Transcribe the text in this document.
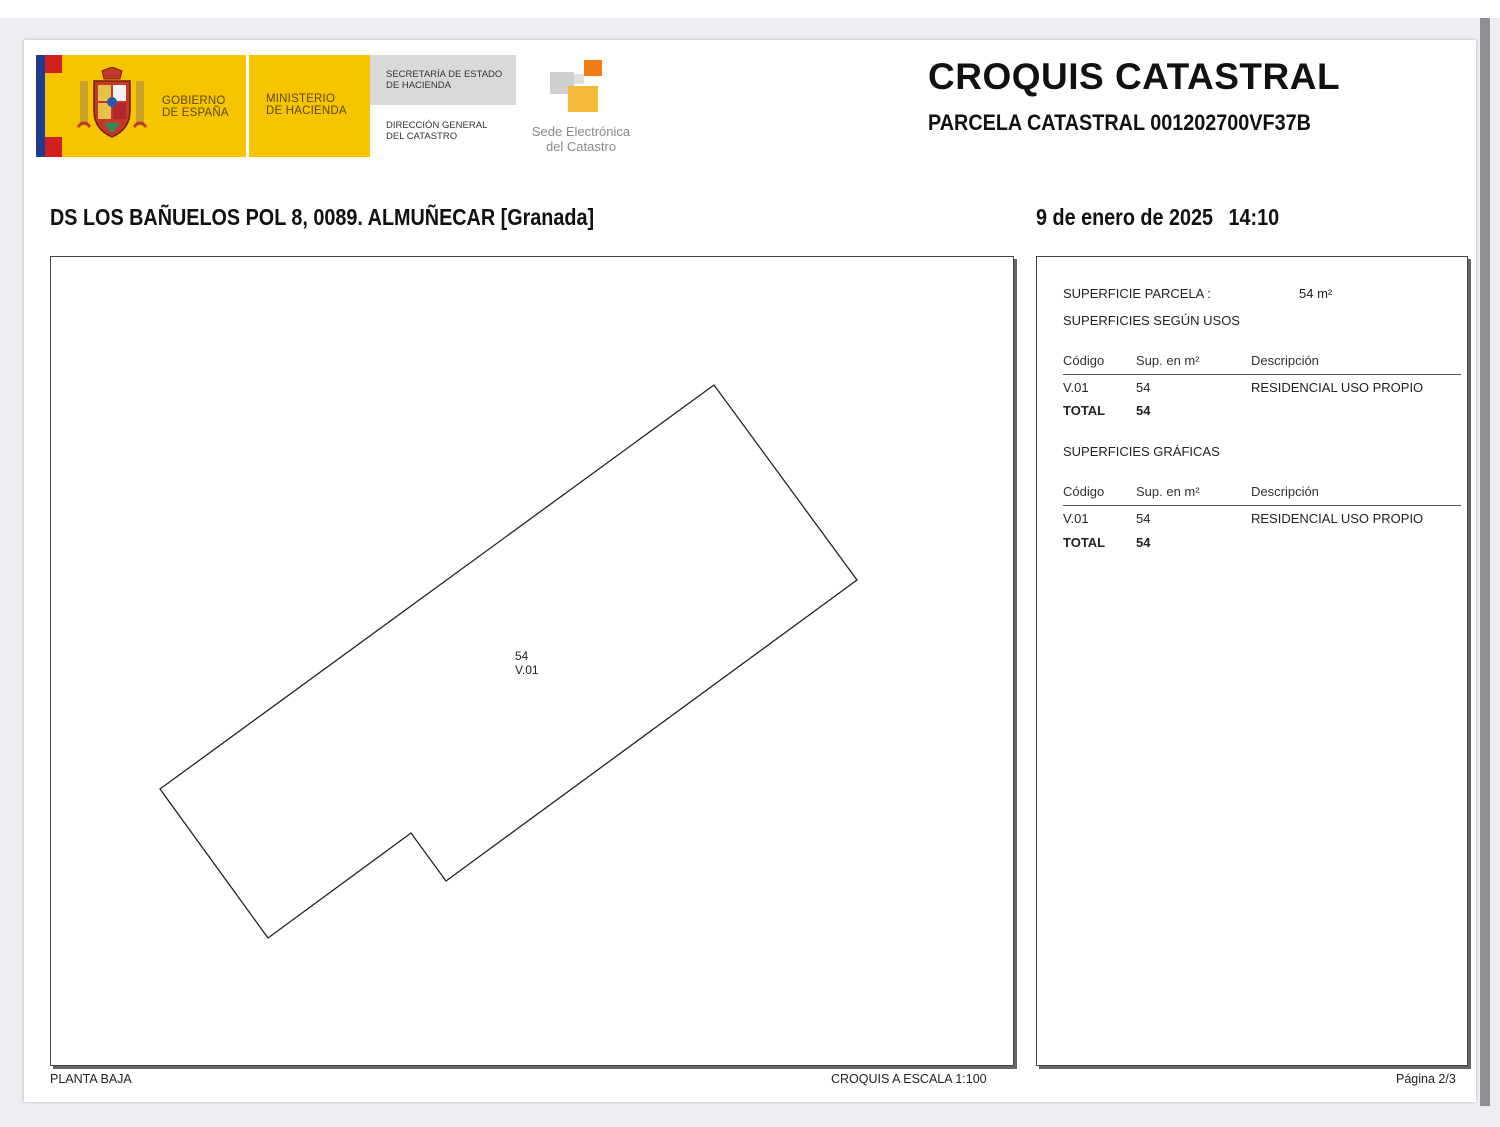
GOBIERNO
DE ESPAÑA
MINISTERIO
DE HACIENDA
SECRETARÍA DE ESTADO
DE HACIENDA
DIRECCIÓN GENERAL
DEL CATASTRO	Sede Electrónica
del Catastro
CROQUIS CATASTRAL
PARCELA CATASTRAL 001202700VF37B
DS LOS BAÑUELOS POL 8, 0089. ALMUÑECAR [Granada]	9 de enero de 2025 14:10
54
V.01
SUPERFICIE PARCELA :	54 m²
SUPERFICIES SEGÚN USOS
Código Sup. en m²	Descripción
V.01	54	RESIDENCIAL USO PROPIO
TOTAL 54
SUPERFICIES GRÁFICAS
Código Sup. en m²	Descripción
V.01	54	RESIDENCIAL USO PROPIO
TOTAL 54
PLANTA BAJA	CROQUIS A ESCALA 1:100	Página 2/3
